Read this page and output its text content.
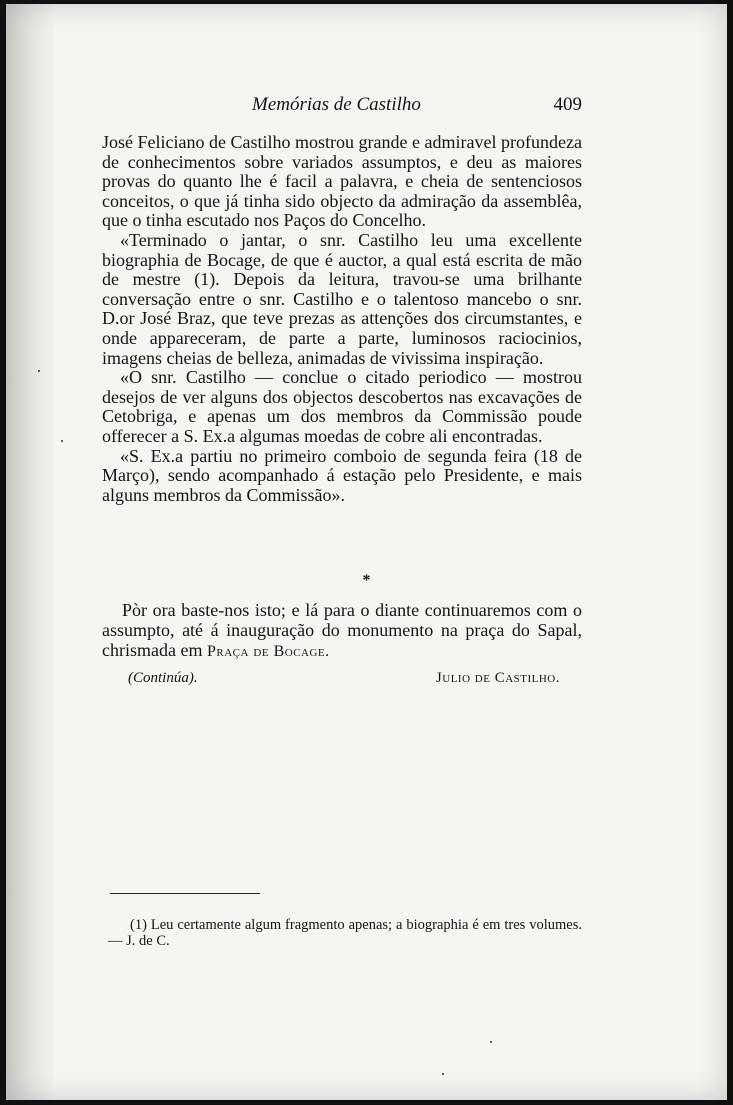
Memórias de Castilho	409

José Feliciano de Castilho mostrou grande e admiravel profundeza de conhecimentos sobre variados assumptos, e deu as maiores provas do quanto lhe é facil a palavra, e cheia de sentenciosos conceitos, o que já tinha sido objecto da admiração da assemblêa, que o tinha escutado nos Paços do Concelho.

«Terminado o jantar, o snr. Castilho leu uma excellente biographia de Bocage, de que é auctor, a qual está escrita de mão de mestre (1). Depois da leitura, travou-se uma brilhante conversação entre o snr. Castilho e o talentoso mancebo o snr. D.or José Braz, que teve prezas as attenções dos circumstantes, e onde appareceram, de parte a parte, luminosos raciocinios, imagens cheias de belleza, animadas de vivissima inspiração.

«O snr. Castilho — conclue o citado periodico — mostrou desejos de ver alguns dos objectos descobertos nas excavações de Cetobriga, e apenas um dos membros da Commissão poude offerecer a S. Ex.a algumas moedas de cobre ali encontradas.

«S. Ex.a partiu no primeiro comboio de segunda feira (18 de Março), sendo acompanhado á estação pelo Presidente, e mais alguns membros da Commissão».

*

Pòr ora baste-nos isto; e lá para o diante continuaremos com o assumpto, até á inauguração do monumento na praça do Sapal, chrismada em Praça de Bocage.

(Continúa).	Julio de Castilho.

(1) Leu certamente algum fragmento apenas; a biographia é em tres volumes. — J. de C.
